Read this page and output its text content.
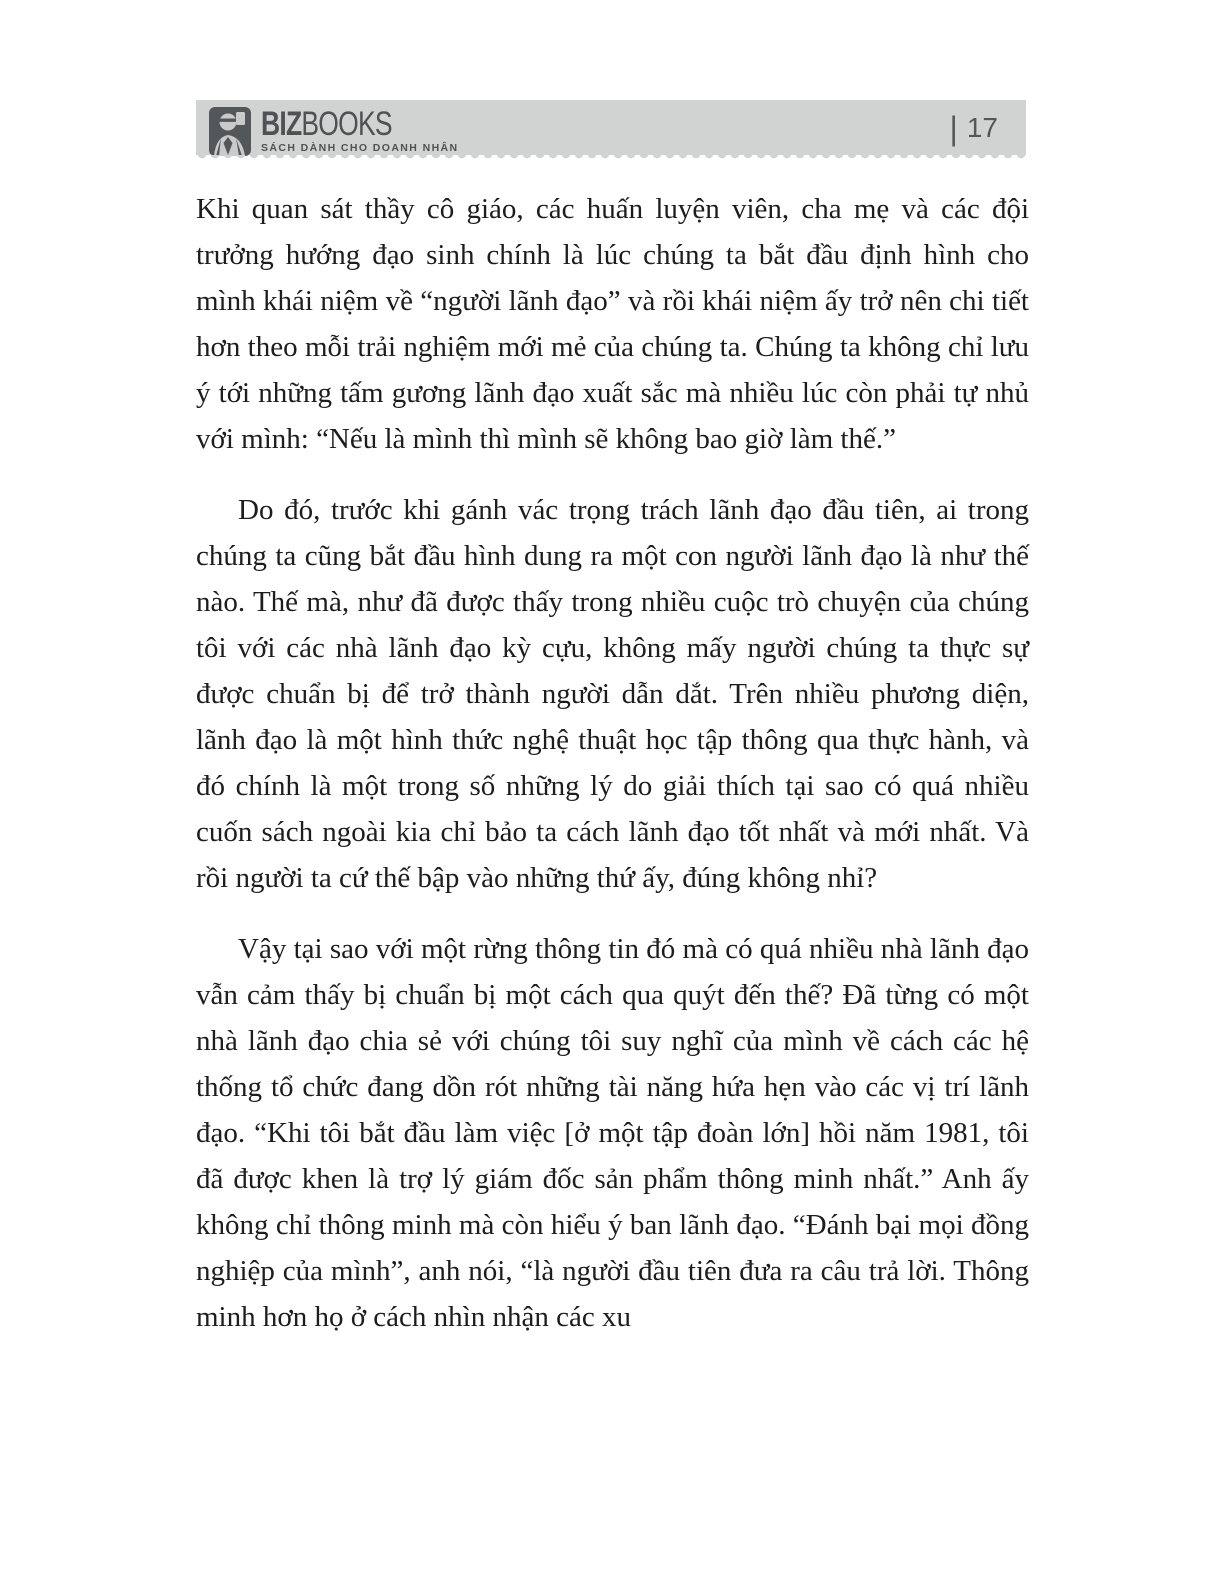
BIZBOOKS
SÁCH DÀNH CHO DOANH NHÂN
| 17

Khi quan sát thầy cô giáo, các huấn luyện viên, cha mẹ và các đội trưởng hướng đạo sinh chính là lúc chúng ta bắt đầu định hình cho mình khái niệm về “người lãnh đạo” và rồi khái niệm ấy trở nên chi tiết hơn theo mỗi trải nghiệm mới mẻ của chúng ta. Chúng ta không chỉ lưu ý tới những tấm gương lãnh đạo xuất sắc mà nhiều lúc còn phải tự nhủ với mình: “Nếu là mình thì mình sẽ không bao giờ làm thế.”

Do đó, trước khi gánh vác trọng trách lãnh đạo đầu tiên, ai trong chúng ta cũng bắt đầu hình dung ra một con người lãnh đạo là như thế nào. Thế mà, như đã được thấy trong nhiều cuộc trò chuyện của chúng tôi với các nhà lãnh đạo kỳ cựu, không mấy người chúng ta thực sự được chuẩn bị để trở thành người dẫn dắt. Trên nhiều phương diện, lãnh đạo là một hình thức nghệ thuật học tập thông qua thực hành, và đó chính là một trong số những lý do giải thích tại sao có quá nhiều cuốn sách ngoài kia chỉ bảo ta cách lãnh đạo tốt nhất và mới nhất. Và rồi người ta cứ thế bập vào những thứ ấy, đúng không nhỉ?

Vậy tại sao với một rừng thông tin đó mà có quá nhiều nhà lãnh đạo vẫn cảm thấy bị chuẩn bị một cách qua quýt đến thế? Đã từng có một nhà lãnh đạo chia sẻ với chúng tôi suy nghĩ của mình về cách các hệ thống tổ chức đang dồn rót những tài năng hứa hẹn vào các vị trí lãnh đạo. “Khi tôi bắt đầu làm việc [ở một tập đoàn lớn] hồi năm 1981, tôi đã được khen là trợ lý giám đốc sản phẩm thông minh nhất.” Anh ấy không chỉ thông minh mà còn hiểu ý ban lãnh đạo. “Đánh bại mọi đồng nghiệp của mình”, anh nói, “là người đầu tiên đưa ra câu trả lời. Thông minh hơn họ ở cách nhìn nhận các xu
